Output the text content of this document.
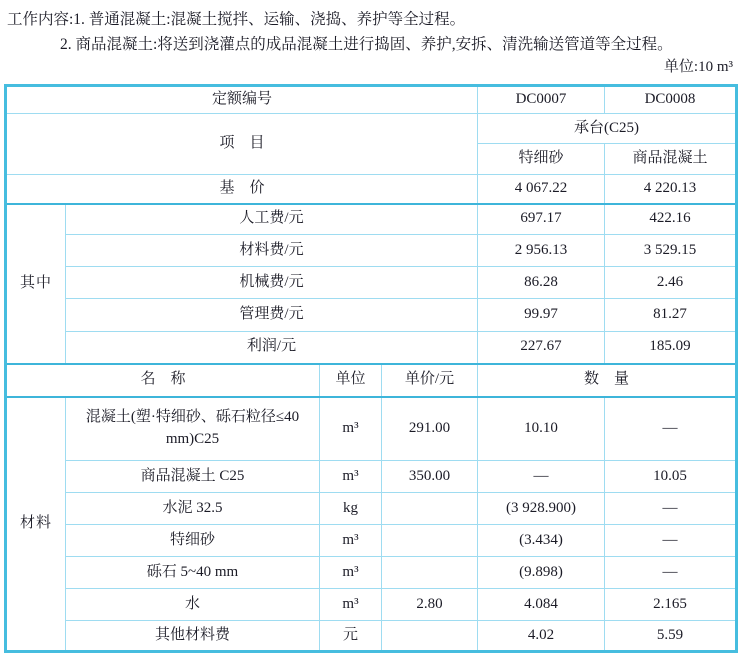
工作内容:1. 普通混凝土:混凝土搅拌、运输、浇捣、养护等全过程。
2. 商品混凝土:将送到浇灌点的成品混凝土进行捣固、养护,安拆、清洗输送管道等全过程。
单位:10 m³
定额编号				DC0007	DC0008
项　目				承台(C25)	
				特细砂	商品混凝土
基　价				4 067.22	4 220.13
其中	人工费/元			697.17	422.16
	材料费/元			2 956.13	3 529.15
	机械费/元			86.28	2.46
	管理费/元			99.97	81.27
	利润/元			227.67	185.09
名　称		单位	单价/元	数　量	
材料	混凝土(塑·特细砂、砾石粒径≤40 mm)C25	m³	291.00	10.10	—
	商品混凝土 C25	m³	350.00	—	10.05
	水泥 32.5	kg		(3 928.900)	—
	特细砂	m³		(3.434)	—
	砾石 5~40 mm	m³		(9.898)	—
	水	m³	2.80	4.084	2.165
	其他材料费	元		4.02	5.59
